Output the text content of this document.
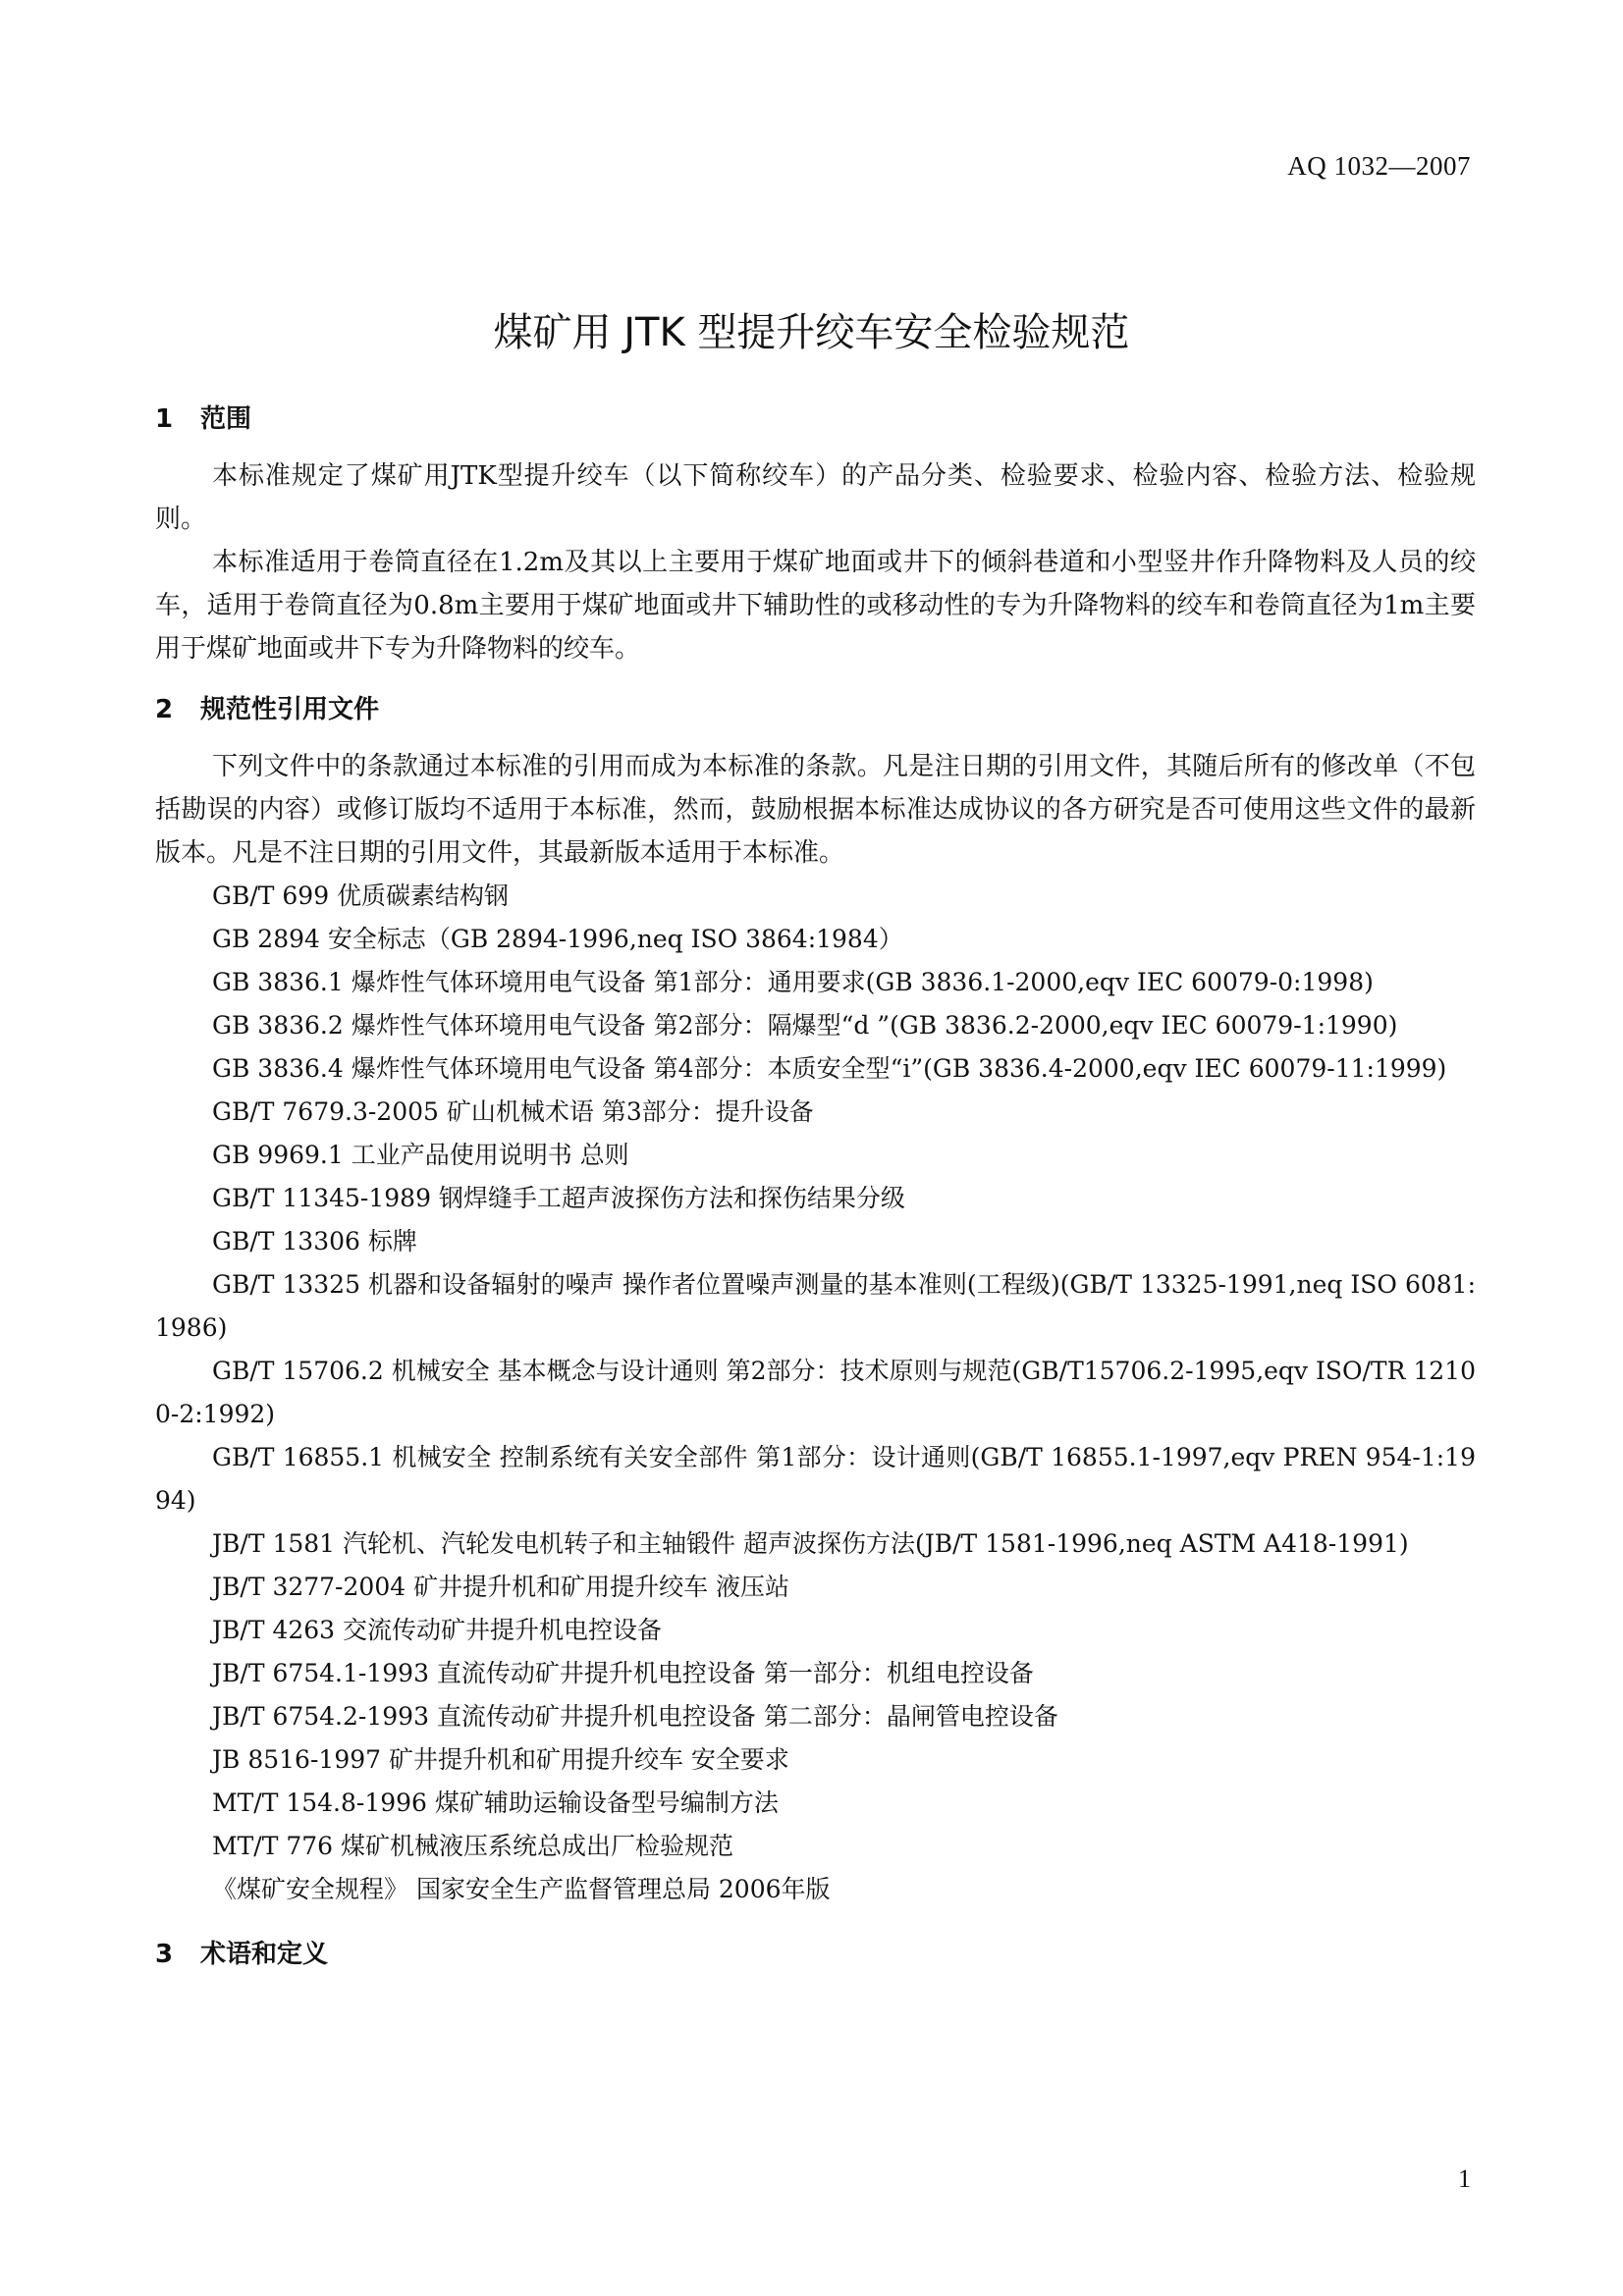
AQ 1032—2007
煤矿用 JTK 型提升绞车安全检验规范
1 范围

本标准规定了煤矿用JTK型提升绞车（以下简称绞车）的产品分类、检验要求、检验内容、检验方法、检验规则。

本标准适用于卷筒直径在1.2m及其以上主要用于煤矿地面或井下的倾斜巷道和小型竖井作升降物料及人员的绞车，适用于卷筒直径为0.8m主要用于煤矿地面或井下辅助性的或移动性的专为升降物料的绞车和卷筒直径为1m主要用于煤矿地面或井下专为升降物料的绞车。

2 规范性引用文件

下列文件中的条款通过本标准的引用而成为本标准的条款。凡是注日期的引用文件，其随后所有的修改单（不包括勘误的内容）或修订版均不适用于本标准，然而，鼓励根据本标准达成协议的各方研究是否可使用这些文件的最新版本。凡是不注日期的引用文件，其最新版本适用于本标准。

GB/T 699 优质碳素结构钢

GB 2894 安全标志（GB 2894-1996,neq ISO 3864:1984）

GB 3836.1 爆炸性气体环境用电气设备 第1部分：通用要求(GB 3836.1-2000,eqv IEC 60079-0:1998)

GB 3836.2 爆炸性气体环境用电气设备 第2部分：隔爆型“d ”(GB 3836.2-2000,eqv IEC 60079-1:1990)

GB 3836.4 爆炸性气体环境用电气设备 第4部分：本质安全型“i”(GB 3836.4-2000,eqv IEC 60079-11:1999)

GB/T 7679.3-2005 矿山机械术语 第3部分：提升设备

GB 9969.1 工业产品使用说明书 总则

GB/T 11345-1989 钢焊缝手工超声波探伤方法和探伤结果分级

GB/T 13306 标牌

GB/T 13325 机器和设备辐射的噪声 操作者位置噪声测量的基本准则(工程级)(GB/T 13325-1991,neq ISO 6081:1986)

GB/T 15706.2 机械安全 基本概念与设计通则 第2部分：技术原则与规范(GB/T15706.2-1995,eqv ISO/TR 12100-2:1992)

GB/T 16855.1 机械安全 控制系统有关安全部件 第1部分：设计通则(GB/T 16855.1-1997,eqv PREN 954-1:1994)

JB/T 1581 汽轮机、汽轮发电机转子和主轴锻件 超声波探伤方法(JB/T 1581-1996,neq ASTM A418-1991)

JB/T 3277-2004 矿井提升机和矿用提升绞车 液压站

JB/T 4263 交流传动矿井提升机电控设备

JB/T 6754.1-1993 直流传动矿井提升机电控设备 第一部分：机组电控设备

JB/T 6754.2-1993 直流传动矿井提升机电控设备 第二部分：晶闸管电控设备

JB 8516-1997 矿井提升机和矿用提升绞车 安全要求

MT/T 154.8-1996 煤矿辅助运输设备型号编制方法

MT/T 776 煤矿机械液压系统总成出厂检验规范

《煤矿安全规程》 国家安全生产监督管理总局 2006年版

3 术语和定义
1
